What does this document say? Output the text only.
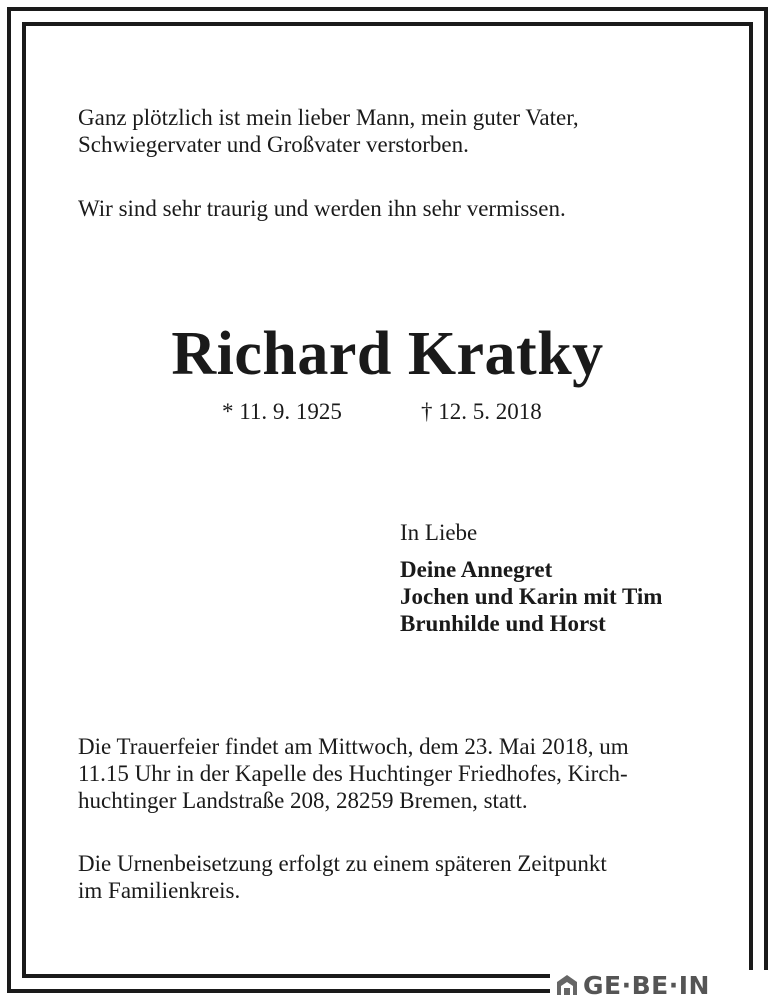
Ganz plötzlich ist mein lieber Mann, mein guter Vater,
Schwiegervater und Großvater verstorben.
Wir sind sehr traurig und werden ihn sehr vermissen.
Richard Kratky
* 11. 9. 1925	† 12. 5. 2018
In Liebe
Deine Annegret
Jochen und Karin mit Tim
Brunhilde und Horst
Die Trauerfeier findet am Mittwoch, dem 23. Mai 2018, um
11.15 Uhr in der Kapelle des Huchtinger Friedhofes, Kirch-
huchtinger Landstraße 208, 28259 Bremen, statt.
Die Urnenbeisetzung erfolgt zu einem späteren Zeitpunkt
im Familienkreis.
GE·BE·IN
